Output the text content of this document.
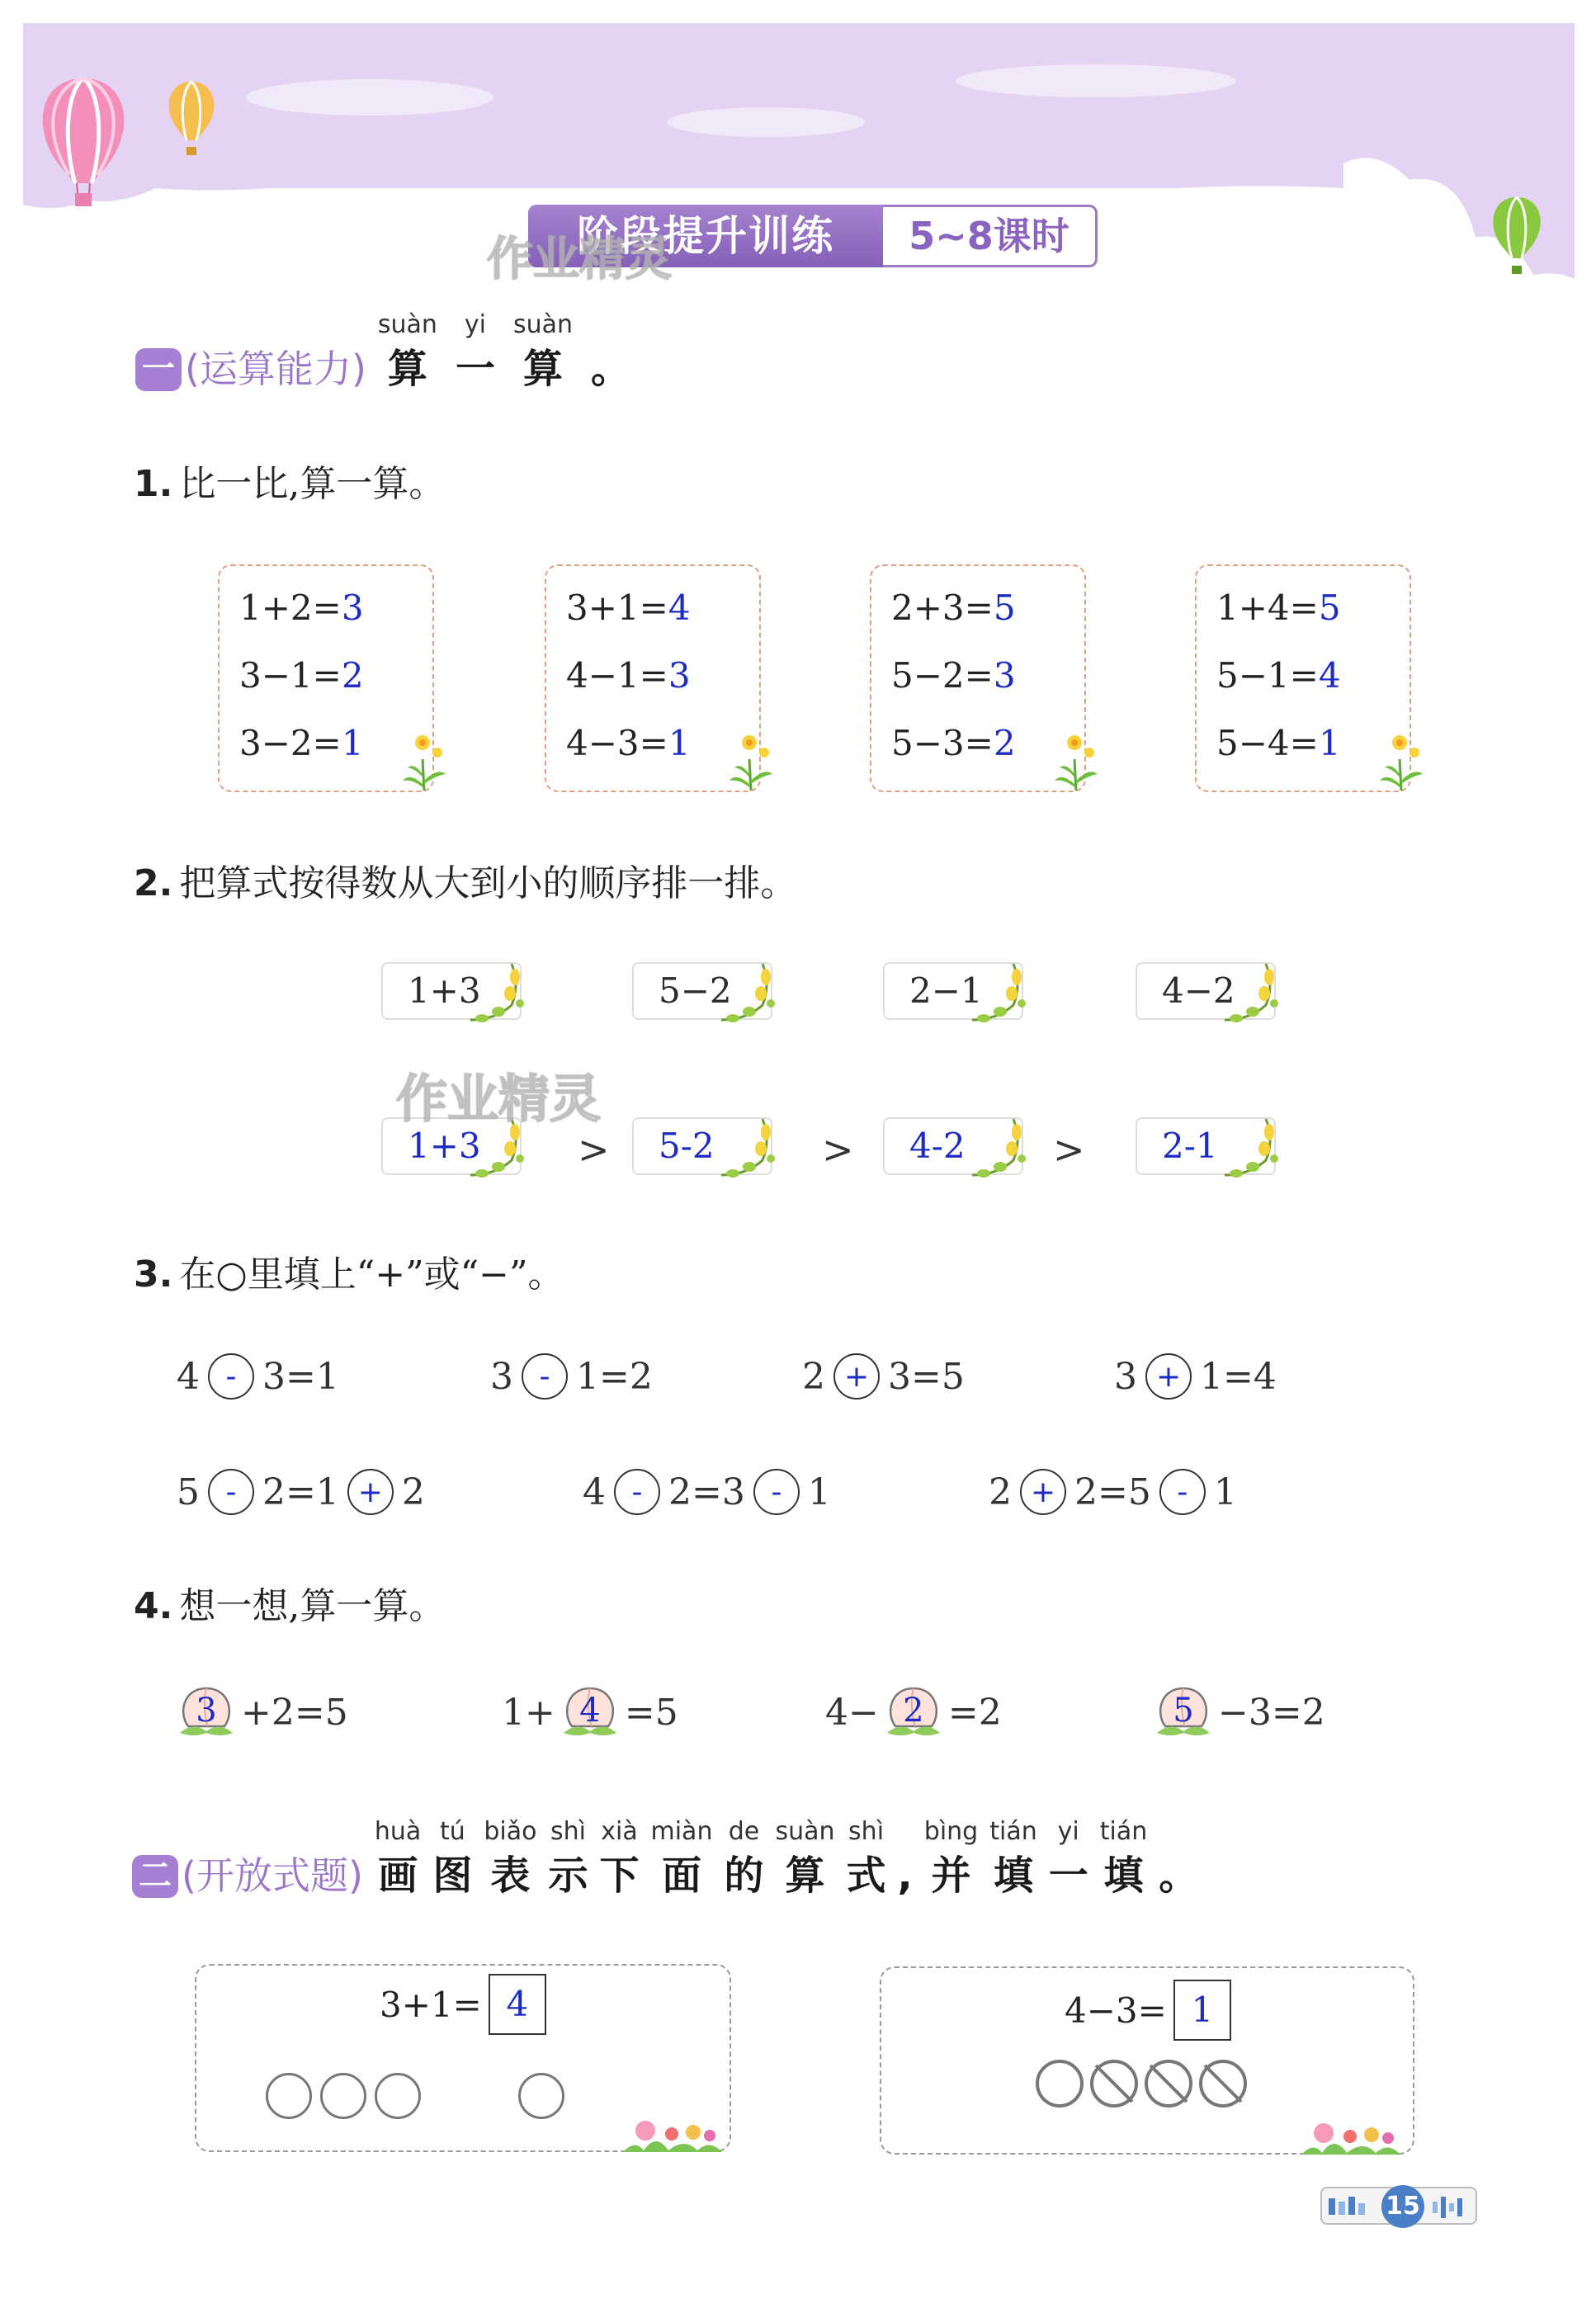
阶段提升训练	5~8课时
作业精灵
一 (运算能力)
suàn
算
yi
一
suàn
算 。
1. 比一比,算一算。
1+2=3
3−1=2
3−2=1
3+1=4
4−1=3
4−3=1
2+3=5
5−2=3
5−3=2
1+4=5
5−1=4
5−4=1
2. 把算式按得数从大到小的顺序排一排。
1+3	5−2	2−1	4−2
1+3	5-2	4-2	2-1
>	>	>
作业精灵
3. 在○里填上“+”或“−”。
4 - 3=1	3 - 1=2	2 + 3=5	3 + 1=4
5 - 2=1 + 2	4 - 2=3 - 1	2 + 2=5 - 1
4. 想一想,算一算。
3 +2=5	1+ 4 =5	4− 2 =2	5 −3=2
二 (开放式题)
huà
画
tú
图
biǎo
表
shì
示
xià
下
miàn
面
de
的
suàn
算
shì
式 ,
bìng
并
tián
填
yi
一
tián
填 。
3+1= 4	4−3= 1
15
